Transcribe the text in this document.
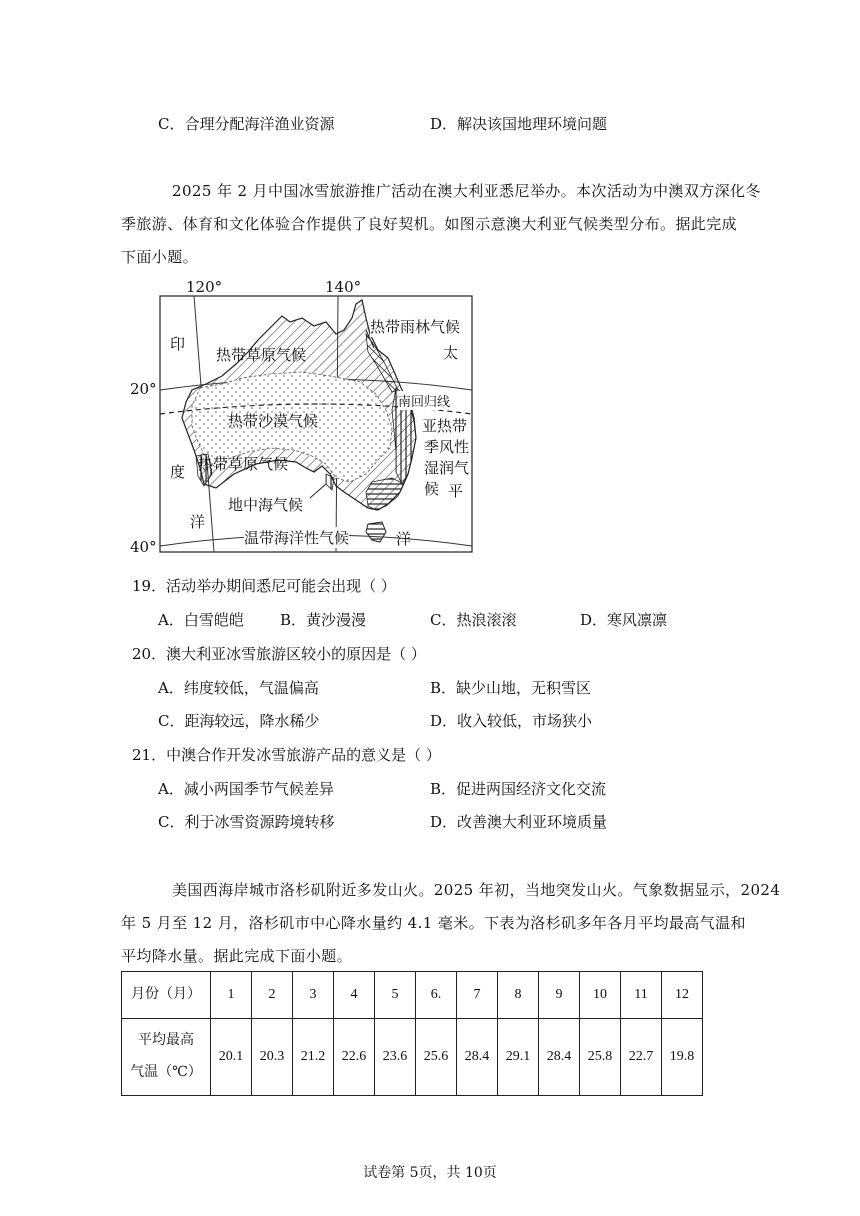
C．合理分配海洋渔业资源	D．解决该国地理环境问题
2025 年 2 月中国冰雪旅游推广活动在澳大利亚悉尼举办。本次活动为中澳双方深化冬
季旅游、体育和文化体验合作提供了良好契机。如图示意澳大利亚气候类型分布。据此完成
下面小题。
120°	140°
20°
40°
印
度
洋
太
平
洋
热带草原气候
热带雨林气候
热带沙漠气候
南回归线
亚热带
季风性
湿润气
候
热带草原气候
地中海气候
温带海洋性气候
19．活动举办期间悉尼可能会出现（ ）
A．白雪皑皑 B．黄沙漫漫	C．热浪滚滚	D．寒风凛凛
20．澳大利亚冰雪旅游区较小的原因是（ ）
A．纬度较低，气温偏高	B．缺少山地，无积雪区
C．距海较远，降水稀少	D．收入较低，市场狭小
21．中澳合作开发冰雪旅游产品的意义是（ ）
A．减小两国季节气候差异	B．促进两国经济文化交流
C．利于冰雪资源跨境转移	D．改善澳大利亚环境质量
美国西海岸城市洛杉矶附近多发山火。2025 年初，当地突发山火。气象数据显示，2024
年 5 月至 12 月，洛杉矶市中心降水量约 4.1 毫米。下表为洛杉矶多年各月平均最高气温和
平均降水量。据此完成下面小题。
月份（月）	1	2	3	4	5	6.	7	8	9	10	11	12

平均最高
气温（℃）	20.1	20.3	21.2	22.6	23.6	25.6	28.4	29.1	28.4	25.8	22.7	19.8
试卷第 5页，共 10页
